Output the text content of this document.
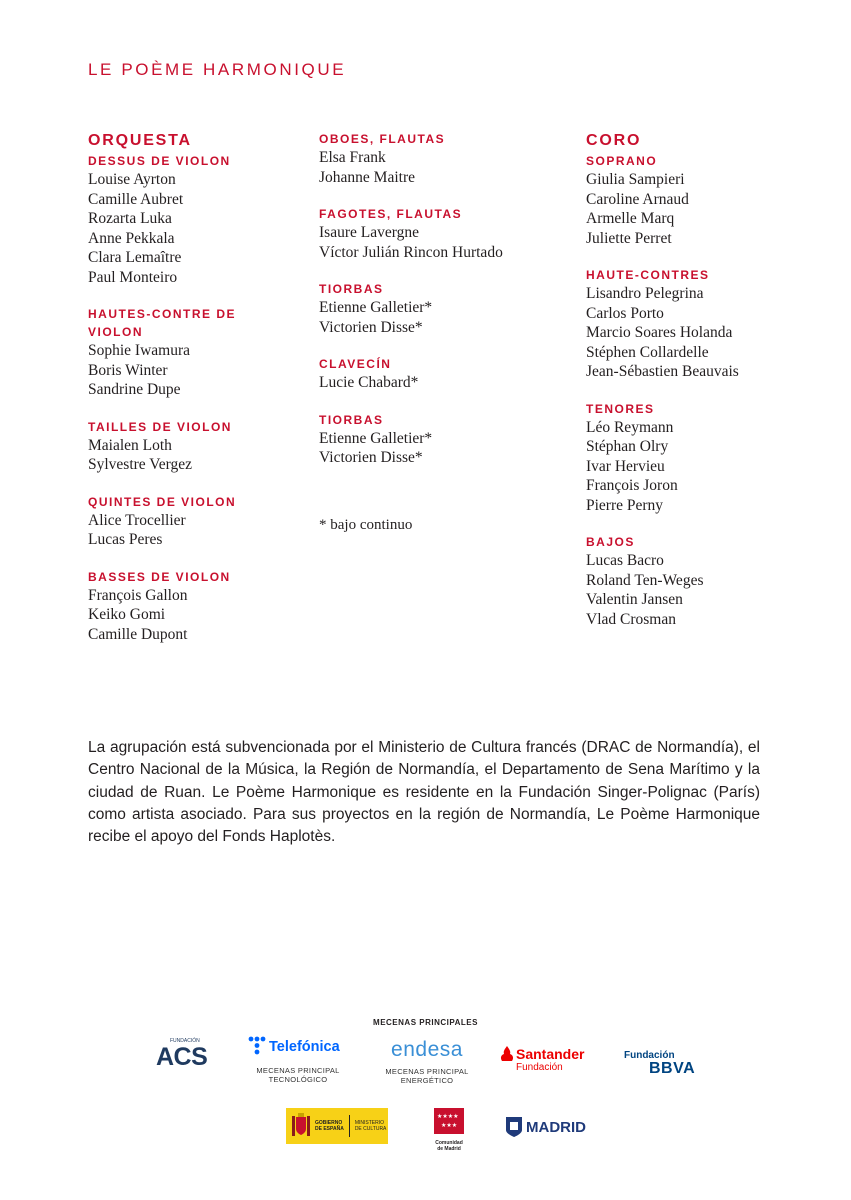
LE POÈME HARMONIQUE
ORQUESTA
DESSUS DE VIOLON
Louise Ayrton
Camille Aubret
Rozarta Luka
Anne Pekkala
Clara Lemaître
Paul Monteiro
HAUTES-CONTRE DE VIOLON
Sophie Iwamura
Boris Winter
Sandrine Dupe
TAILLES DE VIOLON
Maialen Loth
Sylvestre Vergez
QUINTES DE VIOLON
Alice Trocellier
Lucas Peres
BASSES DE VIOLON
François Gallon
Keiko Gomi
Camille Dupont
OBOES, FLAUTAS
Elsa Frank
Johanne Maitre
FAGOTES, FLAUTAS
Isaure Lavergne
Víctor Julián Rincon Hurtado
TIORBAS
Etienne Galletier*
Victorien Disse*
CLAVECÍN
Lucie Chabard*
TIORBAS
Etienne Galletier*
Victorien Disse*
* bajo continuo
CORO
SOPRANO
Giulia Sampieri
Caroline Arnaud
Armelle Marq
Juliette Perret
HAUTE-CONTRES
Lisandro Pelegrina
Carlos Porto
Marcio Soares Holanda
Stéphen Collardelle
Jean-Sébastien Beauvais
TENORES
Léo Reymann
Stéphan Olry
Ivar Hervieu
François Joron
Pierre Perny
BAJOS
Lucas Bacro
Roland Ten-Weges
Valentin Jansen
Vlad Crosman
La agrupación está subvencionada por el Ministerio de Cultura francés (DRAC de Normandía), el Centro Nacional de la Música, la Región de Normandía, el Departamento de Sena Marítimo y la ciudad de Ruan. Le Poème Harmonique es residente en la Fundación Singer-Polignac (París) como artista asociado. Para sus proyectos en la región de Normandía, Le Poème Harmonique recibe el apoyo del Fonds Haplotès.
MECENAS PRINCIPALES
FUNDACIÓN
ACS	Telefónica
MECENAS PRINCIPAL
TECNOLÓGICO
endesa
MECENAS PRINCIPAL
ENERGÉTICO
Santander
Fundación
Fundación
BBVA
GOBIERNO
DE ESPAÑA
MINISTERIO
DE CULTURA
★★★★
★★★
Comunidad
de Madrid
MADRID
